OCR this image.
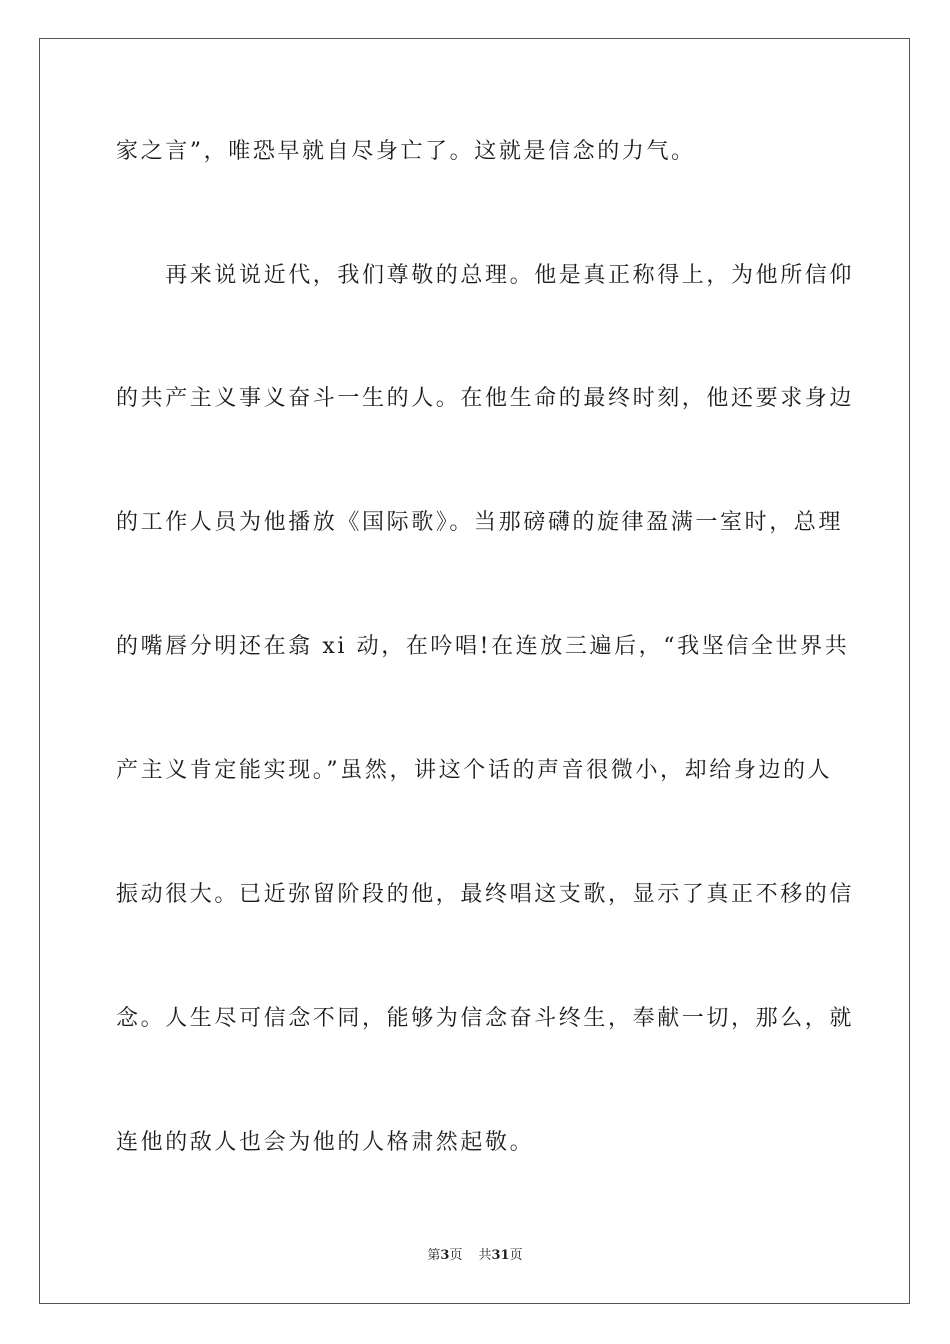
家之言”，唯恐早就自尽身亡了。这就是信念的力气。
　　再来说说近代，我们尊敬的总理。他是真正称得上，为他所信仰
的共产主义事义奋斗一生的人。在他生命的最终时刻，他还要求身边
的工作人员为他播放《国际歌》。当那磅礴的旋律盈满一室时，总理
的嘴唇分明还在翕 xi 动，在吟唱!在连放三遍后，“我坚信全世界共
产主义肯定能实现。”虽然，讲这个话的声音很微小，却给身边的人
振动很大。已近弥留阶段的他，最终唱这支歌，显示了真正不移的信
念。人生尽可信念不同，能够为信念奋斗终生，奉献一切，那么，就
连他的敌人也会为他的人格肃然起敬。
第3页 共31页
